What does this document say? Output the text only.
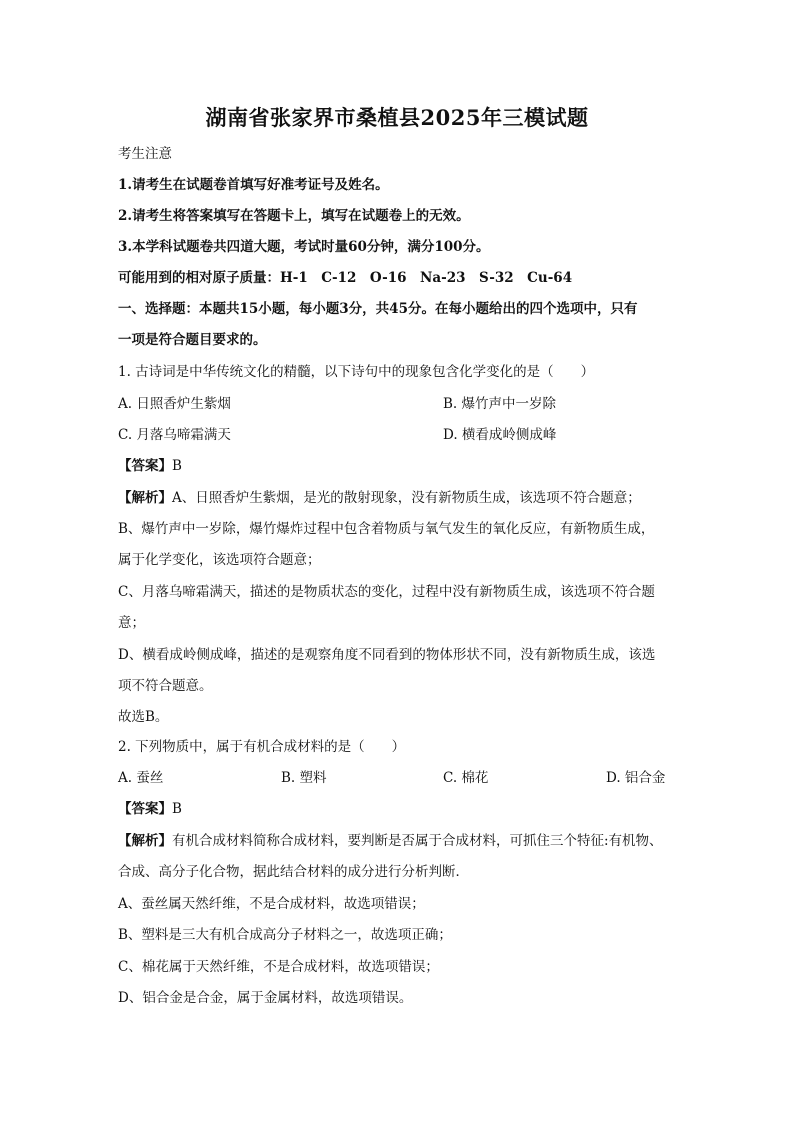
湖南省张家界市桑植县2025年三模试题
考生注意
1.请考生在试题卷首填写好准考证号及姓名。
2.请考生将答案填写在答题卡上，填写在试题卷上的无效。
3.本学科试题卷共四道大题，考试时量60分钟，满分100分。
可能用到的相对原子质量：H-1　C-12　O-16　Na-23　S-32　Cu-64
一、选择题：本题共15小题，每小题3分，共45分。在每小题给出的四个选项中，只有
一项是符合题目要求的。
1. 古诗词是中华传统文化的精髓，以下诗句中的现象包含化学变化的是（　　）
A. 日照香炉生紫烟	B. 爆竹声中一岁除
C. 月落乌啼霜满天	D. 横看成岭侧成峰
【答案】B
【解析】A、日照香炉生紫烟，是光的散射现象，没有新物质生成，该选项不符合题意；
B、爆竹声中一岁除，爆竹爆炸过程中包含着物质与氧气发生的氧化反应，有新物质生成，
属于化学变化，该选项符合题意；
C、月落乌啼霜满天，描述的是物质状态的变化，过程中没有新物质生成，该选项不符合题
意；
D、横看成岭侧成峰，描述的是观察角度不同看到的物体形状不同，没有新物质生成，该选
项不符合题意。
故选B。
2. 下列物质中，属于有机合成材料的是（　　）
A. 蚕丝	B. 塑料	C. 棉花	D. 铝合金
【答案】B
【解析】有机合成材料简称合成材料，要判断是否属于合成材料，可抓住三个特征:有机物、
合成、高分子化合物，据此结合材料的成分进行分析判断．
A、蚕丝属天然纤维，不是合成材料，故选项错误；
B、塑料是三大有机合成高分子材料之一，故选项正确；
C、棉花属于天然纤维，不是合成材料，故选项错误；
D、铝合金是合金，属于金属材料，故选项错误。
